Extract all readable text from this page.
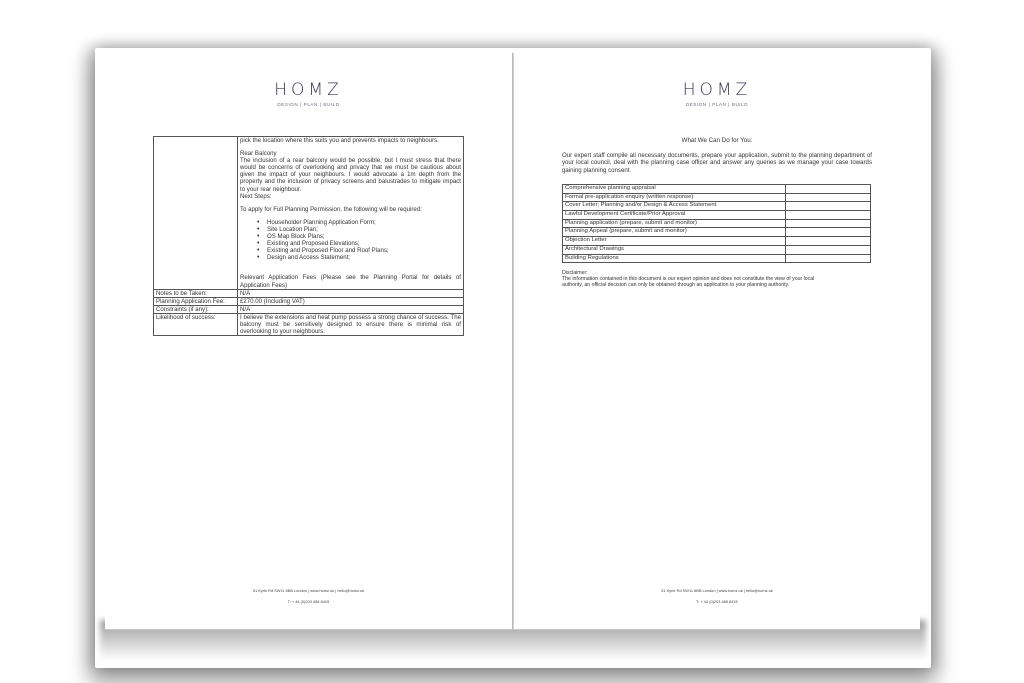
HOMZ
DESIGN | PLAN | BUILD

pick the location where this suits you and prevents impacts to neighbours.

Rear Balcony

The inclusion of a rear balcony would be possible, but I must stress that there would be concerns of overlooking and privacy that we must be cautious about given the impact of your neighbours. I would advocate a 1m depth from the property and the inclusion of privacy screens and balustrades to mitigate impact to your rear neighbour.

Next Steps:

To apply for Full Planning Permission, the following will be required:

• Householder Planning Application Form;
• Site Location Plan;
• OS Map Block Plans;
• Existing and Proposed Elevations;
• Existing and Proposed Floor and Roof Plans;
• Design and Access Statement;

Relevant Application Fees (Please see the Planning Portal for details of Application Fees)

Notes to be Taken:	N/A
Planning Application Fee:	£270.00 (Including VAT)
Constraints (if any):	N/A
Likelihood of success:	I believe the extensions and heat pump possess a strong chance of success. The balcony must be sensitively designed to ensure there is minimal risk of overlooking to your neighbours.
51 Kyrle Rd SW11 6BB London | www.homz.uk | hello@homz.uk
T: + 44 (0)203 488 8415
HOMZ
DESIGN | PLAN | BUILD
What We Can Do for You:
Our expert staff compile all necessary documents, prepare your application, submit to the planning department of your local council, deal with the planning case officer and answer any queries as we manage your case towards gaining planning consent.
Comprehensive planning appraisal	
Formal pre-application enquiry (written response)	
Cover Letter; Planning and/or Design & Access Statement	
Lawful Development Certificate/Prior Approval	
Planning application (prepare, submit and monitor)	
Planning Appeal (prepare, submit and monitor)	
Objection Letter	
Architectural Drawings	
Building Regulations	
Disclaimer:
The information contained in this document is our expert opinion and does not constitute the view of your local authority, an official decision can only be obtained through an application to your planning authority.
51 Kyrle Rd SW11 6BB London | www.homz.uk | hello@homz.uk
T: + 44 (0)203 488 8415
